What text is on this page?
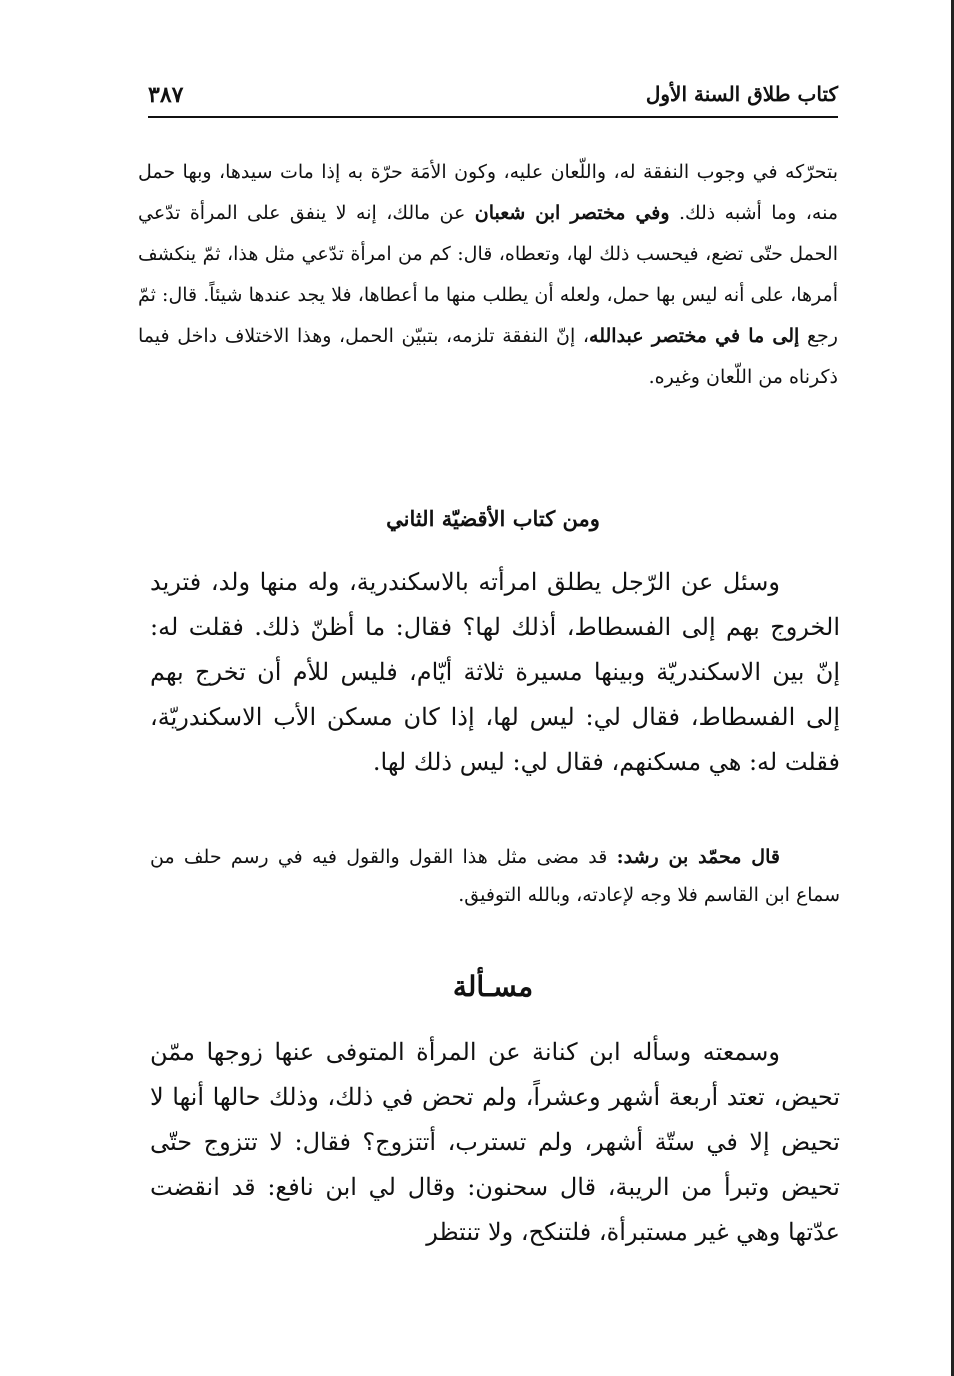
كتاب طلاق السنة الأول
٣٨٧
بتحرّكه في وجوب النفقة له، واللّعان عليه، وكون الأمَة حرّة به إذا مات سيدها، وبها حمل منه، وما أشبه ذلك. وفي مختصر ابن شعبان عن مالك، إنه لا ينفق على المرأة تدّعي الحمل حتّى تضع، فيحسب ذلك لها، وتعطاه، قال: كم من امرأة تدّعي مثل هذا، ثمّ ينكشف أمرها، على أنه ليس بها حمل، ولعله أن يطلب منها ما أعطاها، فلا يجد عندها شيئاً. قال: ثمّ رجع إلى ما في مختصر عبدالله، إنّ النفقة تلزمه، بتبيّن الحمل، وهذا الاختلاف داخل فيما ذكرناه من اللّعان وغيره.
ومن كتاب الأقضيّة الثاني
وسئل عن الرّجل يطلق امرأته بالاسكندرية، وله منها ولد، فتريد الخروج بهم إلى الفسطاط، أذلك لها؟ فقال: ما أظنّ ذلك. فقلت له: إنّ بين الاسكندريّة وبينها مسيرة ثلاثة أيّام، فليس للأم أن تخرج بهم إلى الفسطاط، فقال لي: ليس لها، إذا كان مسكن الأب الاسكندريّة، فقلت له: هي مسكنهم، فقال لي: ليس ذلك لها.
قال محمّد بن رشد: قد مضى مثل هذا القول والقول فيه في رسم حلف من سماع ابن القاسم فلا وجه لإعادته، وبالله التوفيق.
مسـألة
وسمعته وسأله ابن كنانة عن المرأة المتوفى عنها زوجها ممّن تحيض، تعتد أربعة أشهر وعشراً، ولم تحض في ذلك، وذلك حالها أنها لا تحيض إلا في ستّة أشهر، ولم تسترب، أتتزوج؟ فقال: لا تتزوج حتّى تحيض وتبرأ من الريبة، قال سحنون: وقال لي ابن نافع: قد انقضت عدّتها وهي غير مستبرأة، فلتنكح، ولا تنتظر
